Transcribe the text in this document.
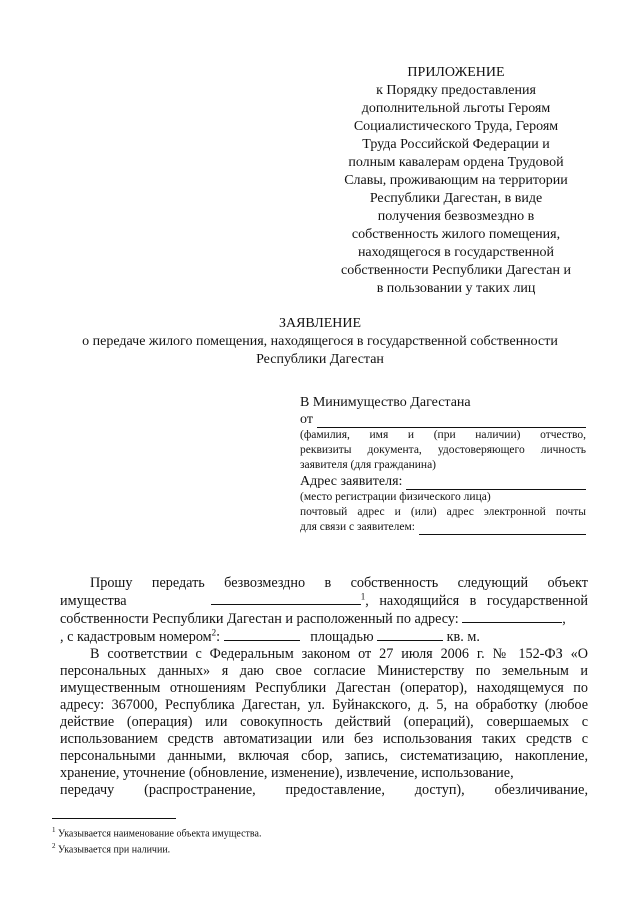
ПРИЛОЖЕНИЕ
к Порядку предоставления
дополнительной льготы Героям
Социалистического Труда, Героям
Труда Российской Федерации и
полным кавалерам ордена Трудовой
Славы, проживающим на территории
Республики Дагестан, в виде
получения безвозмездно в
собственность жилого помещения,
находящегося в государственной
собственности Республики Дагестан и
в пользовании у таких лиц
ЗАЯВЛЕНИЕ
о передаче жилого помещения, находящегося в государственной собственности
Республики Дагестан
В Минимущество Дагестана
от
(фамилия, имя и (при наличии) отчество,
реквизиты документа, удостоверяющего личность
заявителя (для гражданина)
Адрес заявителя:
(место регистрации физического лица)
почтовый адрес и (или) адрес электронной почты
для связи с заявителем:

Прошу передать безвозмездно в собственность следующий объект

имущества	$^1$, находящийся в государственной

собственности Республики Дагестан и расположенный по адресу:	,

, с кадастровым номером$^2$:	площадью	кв. м.

В соответствии с Федеральным законом от 27 июля 2006 г. № 152-ФЗ «О персональных данных» я даю свое согласие Министерству по земельным и имущественным отношениям Республики Дагестан (оператор), находящемуся по адресу: 367000, Республика Дагестан, ул. Буйнакского, д. 5, на обработку (любое действие (операция) или совокупность действий (операций), совершаемых с использованием средств автоматизации или без использования таких средств с персональными данными, включая сбор, запись, систематизацию, накопление, хранение, уточнение (обновление, изменение), извлечение, использование,

передачу (распространение, предоставление, доступ), обезличивание,

$^1$ Указывается наименование объекта имущества.
$^2$ Указывается при наличии.
